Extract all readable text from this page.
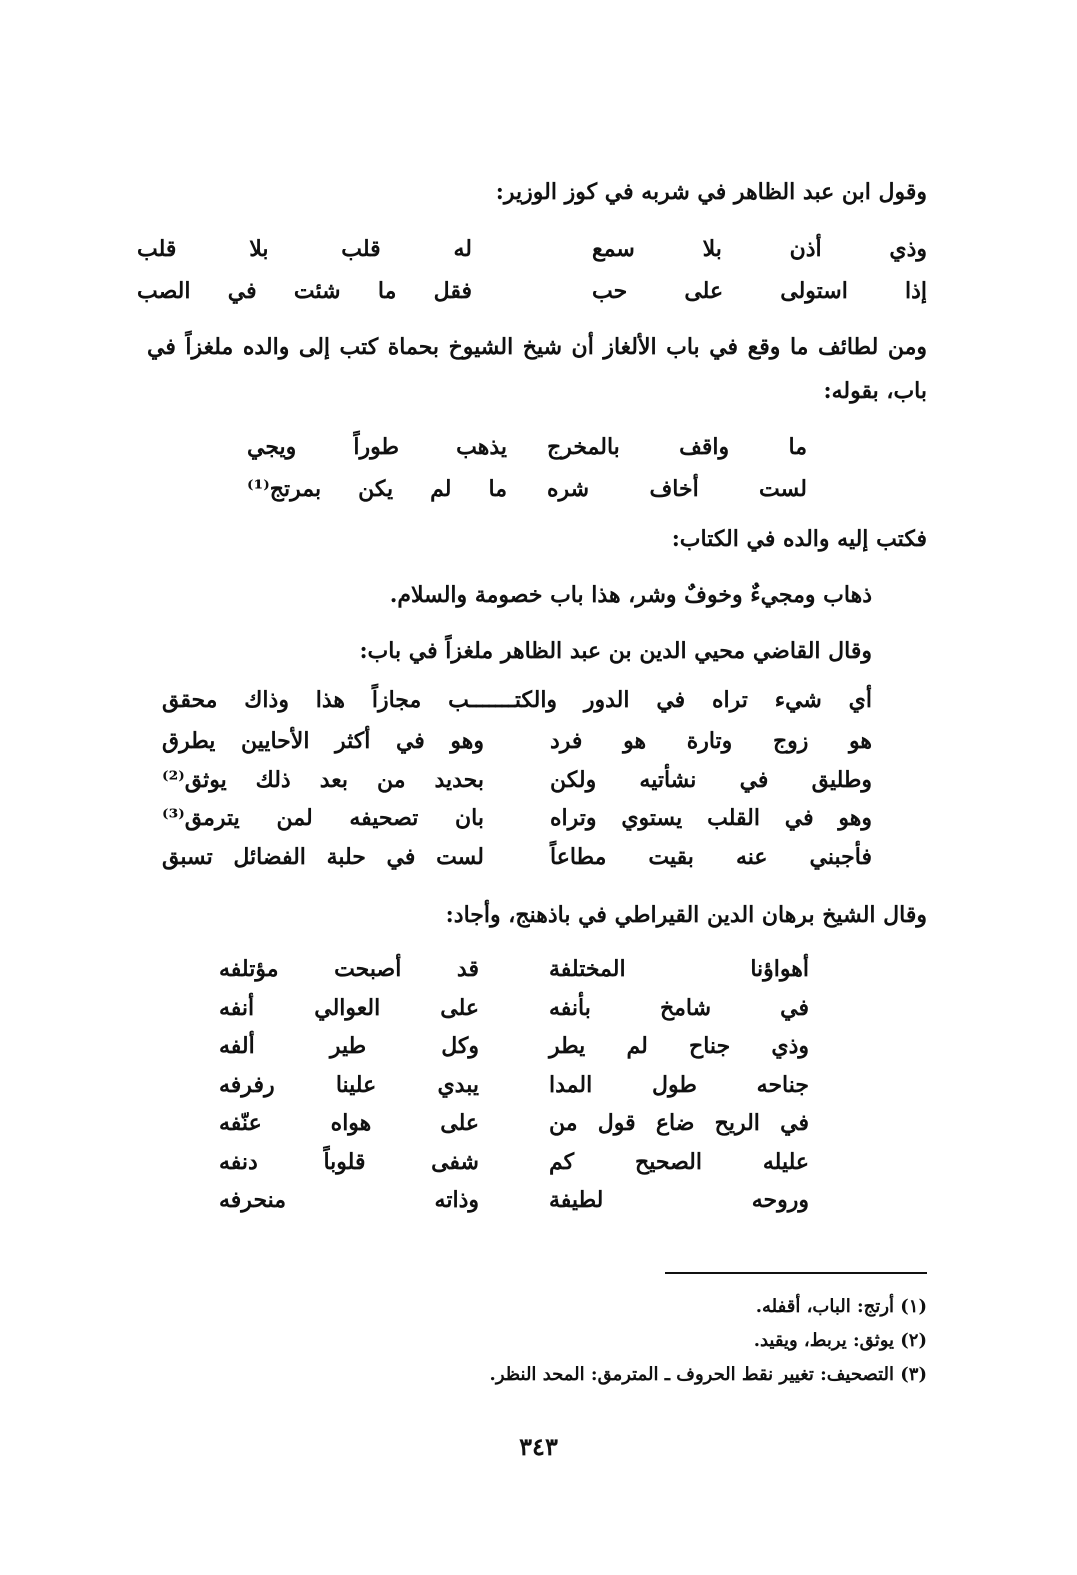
وقول ابن عبد الظاهر في شربه في كوز الوزير:
وذي أذن بلا سمع
له قلب بلا قلب
إذا استولى على حب
فقل ما شئت في الصب
ومن لطائف ما وقع في باب الألغاز أن شيخ الشيوخ بحماة كتب إلى والده ملغزاً في باب، بقوله:
ما واقف بالمخرج
يذهب طوراً ويجي
لست أخاف شره
ما لم يكن بمرتج⁽¹⁾
فكتب إليه والده في الكتاب:
ذهاب ومجيءٌ وخوفٌ وشر، هذا باب خصومة والسلام.
وقال القاضي محيي الدين بن عبد الظاهر ملغزاً في باب:
أي شيء تراه في الدور والكتـــــــب مجازاً هذا وذاك محقق
هو زوج وتارة هو فرد
وهو في أكثر الأحايين يطرق
وطليق في نشأتيه ولكن
بحديد من بعد ذلك يوثق⁽²⁾
وهو في القلب يستوي وتراه
بان تصحيفه لمن يترمق⁽³⁾
فأجبني عنه بقيت مطاعاً
لست في حلبة الفضائل تسبق
وقال الشيخ برهان الدين القيراطي في باذهنج، وأجاد:
أهواؤنا المختلفة
قد أصبحت مؤتلفه
في شامخ بأنفه
على العوالي أنفه
وذي جناح لم يطر
وكل طير ألفه
جناحه طول المدا
يبدي علينا رفرفه
في الريح ضاع قول من
على هواه عنّفه
عليله الصحيح كم
شفى قلوباً دنفه
وروحه لطيفة
وذاته منحرفه
(١) أرتج: الباب، أقفله.
(٢) يوثق: يربط، ويقيد.
(٣) التصحيف: تغيير نقط الحروف ـ المترمق: المحد النظر.
٣٤٣
